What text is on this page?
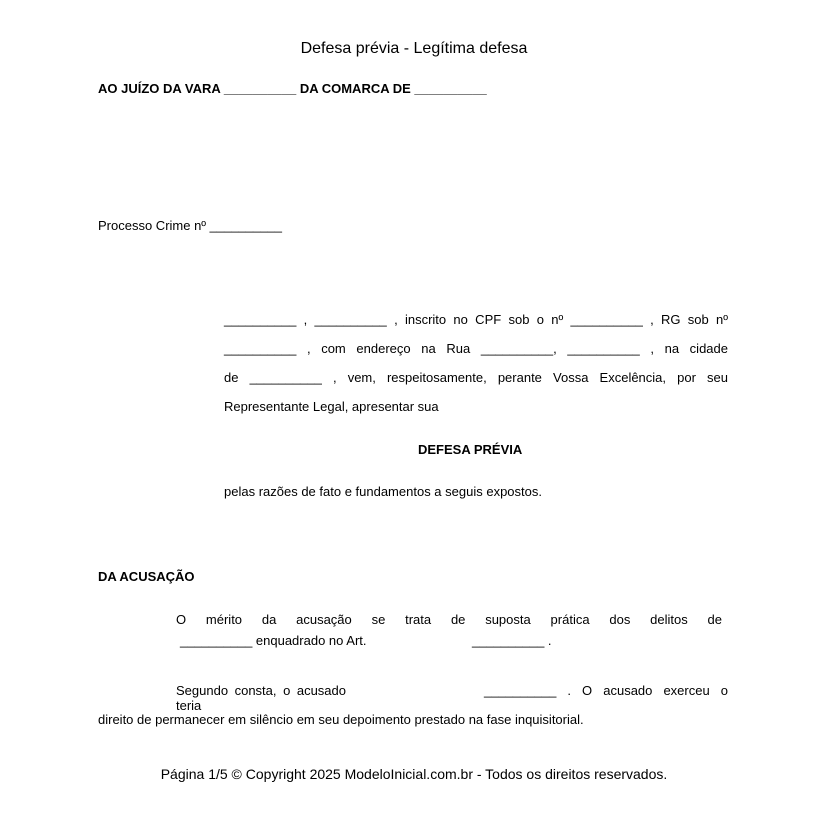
Defesa prévia - Legítima defesa
AO JUÍZO DA VARA __________ DA COMARCA DE __________
Processo Crime nº __________
__________ , __________ , inscrito no CPF sob o nº __________ , RG sob nº
__________ , com endereço na Rua __________, __________ , na cidade
de __________ , vem, respeitosamente, perante Vossa Excelência, por seu
Representante Legal, apresentar sua
DEFESA PRÉVIA
pelas razões de fato e fundamentos a seguis expostos.
DA ACUSAÇÃO
O mérito da acusação se trata de suposta prática dos delitos de
__________ enquadrado no Art.	__________ .
Segundo consta, o acusado teria
__________ . O acusado exerceu o
direito de permanecer em silêncio em seu depoimento prestado na fase inquisitorial.
Página 1/5 © Copyright 2025 ModeloInicial.com.br - Todos os direitos reservados.
